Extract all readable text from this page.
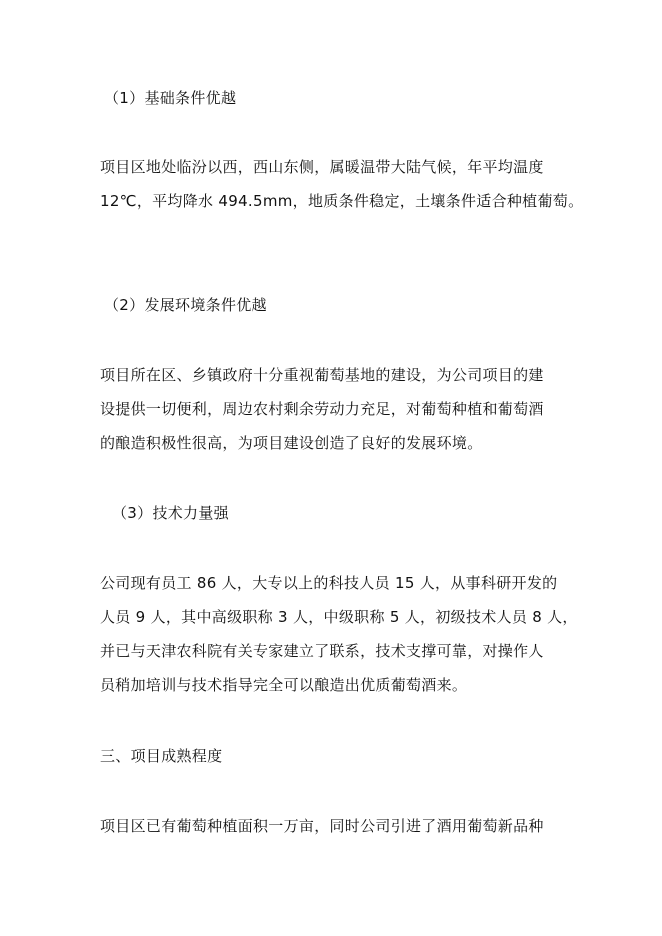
（1）基础条件优越
项目区地处临汾以西，西山东侧，属暖温带大陆气候，年平均温度
12℃，平均降水 494.5mm，地质条件稳定，土壤条件适合种植葡萄。
（2）发展环境条件优越
项目所在区、乡镇政府十分重视葡萄基地的建设，为公司项目的建
设提供一切便利，周边农村剩余劳动力充足，对葡萄种植和葡萄酒
的酿造积极性很高，为项目建设创造了良好的发展环境。
（3）技术力量强
公司现有员工 86 人，大专以上的科技人员 15 人，从事科研开发的
人员 9 人，其中高级职称 3 人，中级职称 5 人，初级技术人员 8 人，
并已与天津农科院有关专家建立了联系，技术支撑可靠，对操作人
员稍加培训与技术指导完全可以酿造出优质葡萄酒来。
三、项目成熟程度
项目区已有葡萄种植面积一万亩，同时公司引进了酒用葡萄新品种
